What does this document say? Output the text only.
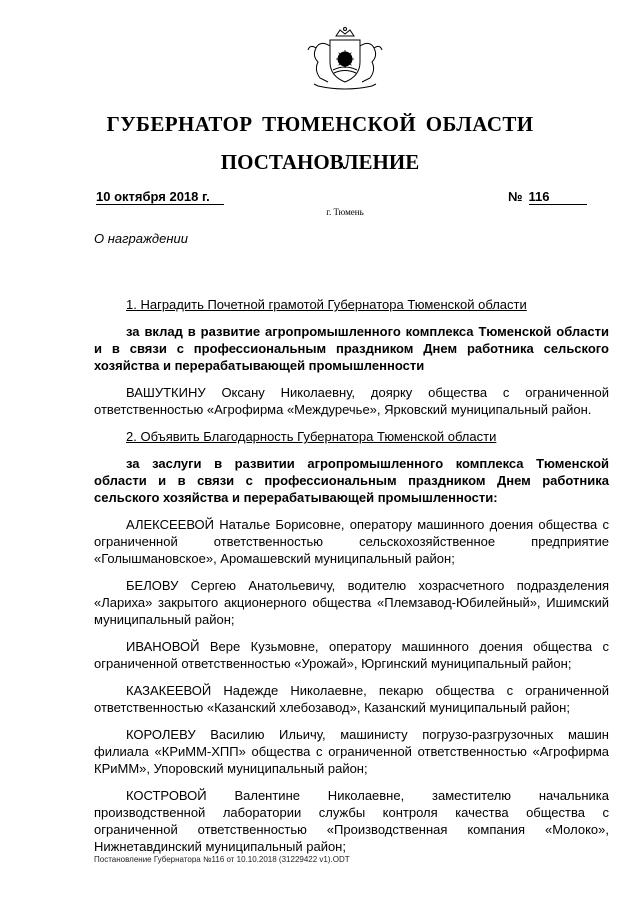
ГУБЕРНАТОР ТЮМЕНСКОЙ ОБЛАСТИ
ПОСТАНОВЛЕНИЕ
10 октября 2018 г.	№ 116
г. Тюмень
О награждении

1. Наградить Почетной грамотой Губернатора Тюменской области

за вклад в развитие агропромышленного комплекса Тюменской области и в связи с профессиональным праздником Днем работника сельского хозяйства и перерабатывающей промышленности

ВАШУТКИНУ Оксану Николаевну, доярку общества с ограниченной ответственностью «Агрофирма «Междуречье», Ярковский муниципальный район.

2. Объявить Благодарность Губернатора Тюменской области

за заслуги в развитии агропромышленного комплекса Тюменской области и в связи с профессиональным праздником Днем работника сельского хозяйства и перерабатывающей промышленности:

АЛЕКСЕЕВОЙ Наталье Борисовне, оператору машинного доения общества с ограниченной ответственностью сельскохозяйственное предприятие «Голышмановское», Аромашевский муниципальный район;

БЕЛОВУ Сергею Анатольевичу, водителю хозрасчетного подразделения «Лариха» закрытого акционерного общества «Племзавод-Юбилейный», Ишимский муниципальный район;

ИВАНОВОЙ Вере Кузьмовне, оператору машинного доения общества с ограниченной ответственностью «Урожай», Юргинский муниципальный район;

КАЗАКЕЕВОЙ Надежде Николаевне, пекарю общества с ограниченной ответственностью «Казанский хлебозавод», Казанский муниципальный район;

КОРОЛЕВУ Василию Ильичу, машинисту погрузо-разгрузочных машин филиала «КРиММ-ХПП» общества с ограниченной ответственностью «Агрофирма КРиММ», Упоровский муниципальный район;

КОСТРОВОЙ Валентине Николаевне, заместителю начальника производственной лаборатории службы контроля качества общества с ограниченной ответственностью «Производственная компания «Молоко», Нижнетавдинский муниципальный район;

Постановление Губернатора №116 от 10.10.2018 (31229422 v1).ODT
